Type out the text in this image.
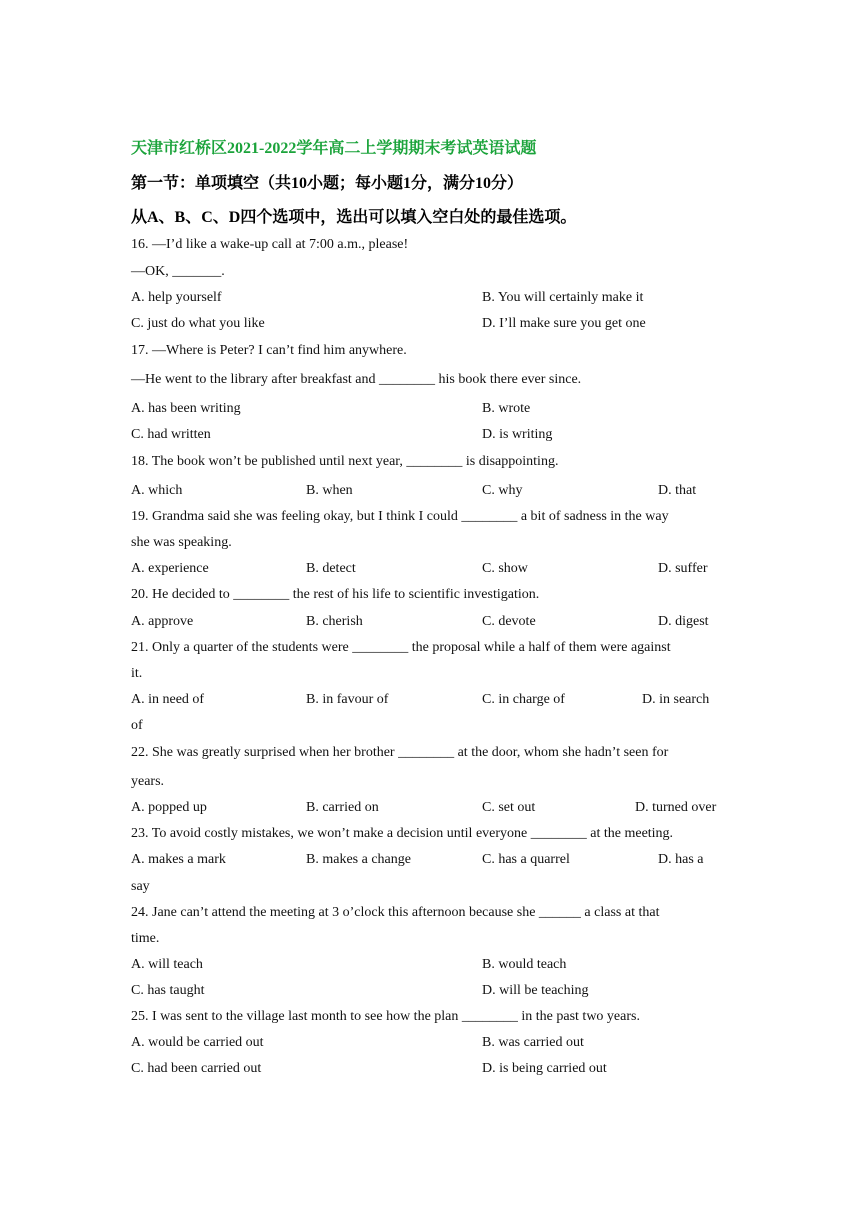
天津市红桥区2021-2022学年高二上学期期末考试英语试题
第一节：单项填空（共10小题；每小题1分，满分10分）
从A、B、C、D四个选项中，选出可以填入空白处的最佳选项。
16. —I’d like a wake-up call at 7:00 a.m., please!
—OK, _______.
A. help yourself	B. You will certainly make it
C. just do what you like	D. I’ll make sure you get one
17. —Where is Peter? I can’t find him anywhere.
—He went to the library after breakfast and ________ his book there ever since.
A. has been writing	B. wrote
C. had written	D. is writing
18. The book won’t be published until next year, ________ is disappointing.
A. which	B. when	C. why	D. that
19. Grandma said she was feeling okay, but I think I could ________ a bit of sadness in the way
she was speaking.
A. experience	B. detect	C. show	D. suffer
20. He decided to ________ the rest of his life to scientific investigation.
A. approve	B. cherish	C. devote	D. digest
21. Only a quarter of the students were ________ the proposal while a half of them were against
it.
A. in need of	B. in favour of	C. in charge of	D. in search
of
22. She was greatly surprised when her brother ________ at the door, whom she hadn’t seen for
years.
A. popped up	B. carried on	C. set out	D. turned over
23. To avoid costly mistakes, we won’t make a decision until everyone ________ at the meeting.
A. makes a mark	B. makes a change	C. has a quarrel	D. has a
say
24. Jane can’t attend the meeting at 3 o’clock this afternoon because she ______ a class at that
time.
A. will teach	B. would teach
C. has taught	D. will be teaching
25. I was sent to the village last month to see how the plan ________ in the past two years.
A. would be carried out	B. was carried out
C. had been carried out	D. is being carried out
